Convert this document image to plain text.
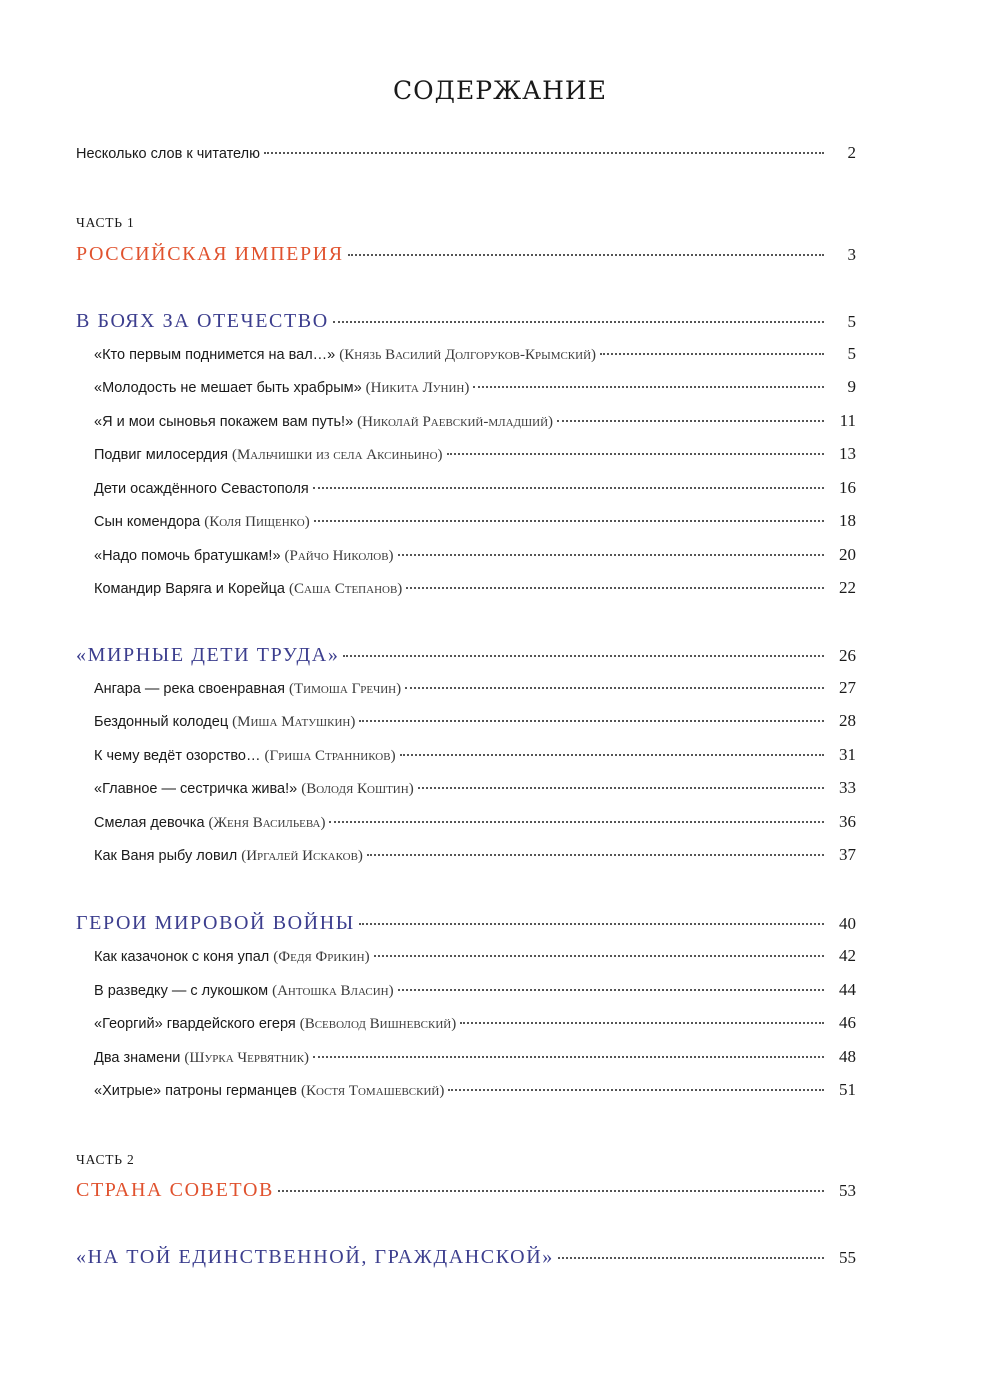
СОДЕРЖАНИЕ
Несколько слов к читателю	2
ЧАСТЬ 1
РОССИЙСКАЯ ИМПЕРИЯ	3
В БОЯХ ЗА ОТЕЧЕСТВО	5
«Кто первым поднимется на вал…»
(Князь Василий Долгоруков-Крымский)	5
«Молодость не мешает быть храбрым»
(Никита Лунин)	9
«Я и мои сыновья покажем вам путь!»
(Николай Раевский-младший)	11
Подвиг милосердия
(Мальчишки из села Аксиньино)	13
Дети осаждённого Севастополя	16
Сын комендора
(Коля Пищенко)	18
«Надо помочь братушкам!»
(Райчо Николов)	20
Командир Варяга и Корейца
(Саша Степанов)	22
«МИРНЫЕ ДЕТИ ТРУДА»	26
Ангара — река своенравная
(Тимоша Гречин)	27
Бездонный колодец
(Миша Матушкин)	28
К чему ведёт озорство…
(Гриша Странников)	31
«Главное — сестричка жива!»
(Володя Коштин)	33
Смелая девочка
(Женя Васильева)	36
Как Ваня рыбу ловил
(Иргалей Искаков)	37
ГЕРОИ МИРОВОЙ ВОЙНЫ	40
Как казачонок с коня упал
(Федя Фрикин)	42
В разведку — с лукошком
(Антошка Власин)	44
«Георгий» гвардейского егеря
(Всеволод Вишневский)	46
Два знамени
(Шурка Червятник)	48
«Хитрые» патроны германцев
(Костя Томашевский)	51
ЧАСТЬ 2
СТРАНА СОВЕТОВ	53
«НА ТОЙ ЕДИНСТВЕННОЙ, ГРАЖДАНСКОЙ»	55
